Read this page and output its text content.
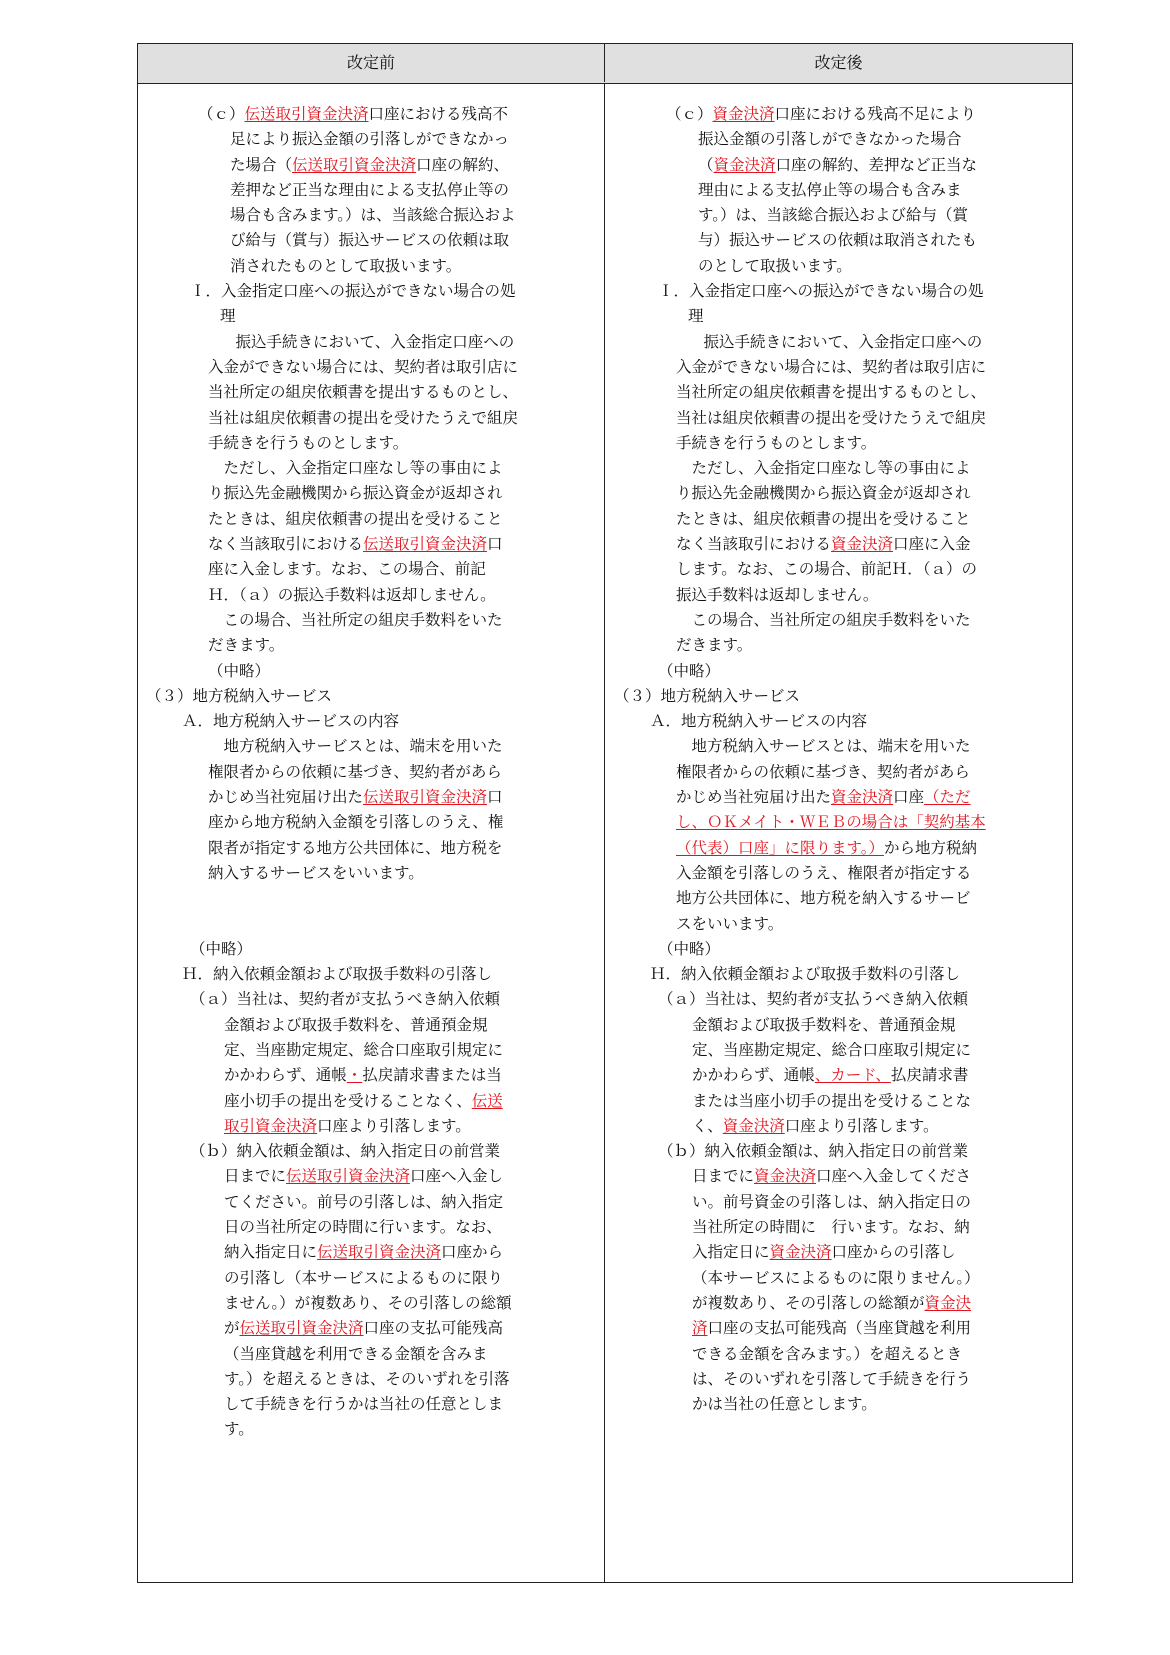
改定前	改定後
（ｃ）伝送取引資金決済口座における残高不
足により振込金額の引落しができなかっ
た場合（伝送取引資金決済口座の解約、
差押など正当な理由による支払停止等の
場合も含みます。）は、当該総合振込およ
び給与（賞与）振込サービスの依頼は取
消されたものとして取扱います。
Ｉ．入金指定口座への振込ができない場合の処
理
　振込手続きにおいて、入金指定口座への
入金ができない場合には、契約者は取引店に
当社所定の組戻依頼書を提出するものとし、
当社は組戻依頼書の提出を受けたうえで組戻
手続きを行うものとします。
　ただし、入金指定口座なし等の事由によ
り振込先金融機関から振込資金が返却され
たときは、組戻依頼書の提出を受けること
なく当該取引における伝送取引資金決済口
座に入金します。なお、この場合、前記
Ｈ．（ａ）の振込手数料は返却しません。
　この場合、当社所定の組戻手数料をいた
だきます。
（中略）
（３）地方税納入サービス
Ａ．地方税納入サービスの内容
　地方税納入サービスとは、端末を用いた
権限者からの依頼に基づき、契約者があら
かじめ当社宛届け出た伝送取引資金決済口
座から地方税納入金額を引落しのうえ、権
限者が指定する地方公共団体に、地方税を
納入するサービスをいいます。
（中略）
Ｈ．納入依頼金額および取扱手数料の引落し
（ａ）当社は、契約者が支払うべき納入依頼
金額および取扱手数料を、普通預金規
定、当座勘定規定、総合口座取引規定に
かかわらず、通帳・払戻請求書または当
座小切手の提出を受けることなく、伝送
取引資金決済口座より引落します。
（ｂ）納入依頼金額は、納入指定日の前営業
日までに伝送取引資金決済口座へ入金し
てください。前号の引落しは、納入指定
日の当社所定の時間に行います。なお、
納入指定日に伝送取引資金決済口座から
の引落し（本サービスによるものに限り
ません。）が複数あり、その引落しの総額
が伝送取引資金決済口座の支払可能残高
（当座貸越を利用できる金額を含みま
す。）を超えるときは、そのいずれを引落
して手続きを行うかは当社の任意としま
す。
（ｃ）資金決済口座における残高不足により
振込金額の引落しができなかった場合
（資金決済口座の解約、差押など正当な
理由による支払停止等の場合も含みま
す。）は、当該総合振込および給与（賞
与）振込サービスの依頼は取消されたも
のとして取扱います。
Ｉ．入金指定口座への振込ができない場合の処
理
　振込手続きにおいて、入金指定口座への
入金ができない場合には、契約者は取引店に
当社所定の組戻依頼書を提出するものとし、
当社は組戻依頼書の提出を受けたうえで組戻
手続きを行うものとします。
　ただし、入金指定口座なし等の事由によ
り振込先金融機関から振込資金が返却され
たときは、組戻依頼書の提出を受けること
なく当該取引における資金決済口座に入金
します。なお、この場合、前記Ｈ．（ａ）の
振込手数料は返却しません。
　この場合、当社所定の組戻手数料をいた
だきます。
（中略）
（３）地方税納入サービス
Ａ．地方税納入サービスの内容
　地方税納入サービスとは、端末を用いた
権限者からの依頼に基づき、契約者があら
かじめ当社宛届け出た資金決済口座（ただ
し、ＯＫメイト・ＷＥＢの場合は「契約基本
（代表）口座」に限ります。）から地方税納
入金額を引落しのうえ、権限者が指定する
地方公共団体に、地方税を納入するサービ
スをいいます。
（中略）
Ｈ．納入依頼金額および取扱手数料の引落し
（ａ）当社は、契約者が支払うべき納入依頼
金額および取扱手数料を、普通預金規
定、当座勘定規定、総合口座取引規定に
かかわらず、通帳、カード、払戻請求書
または当座小切手の提出を受けることな
く、資金決済口座より引落します。
（ｂ）納入依頼金額は、納入指定日の前営業
日までに資金決済口座へ入金してくださ
い。前号資金の引落しは、納入指定日の
当社所定の時間に　行います。なお、納
入指定日に資金決済口座からの引落し
（本サービスによるものに限りません。）
が複数あり、その引落しの総額が資金決
済口座の支払可能残高（当座貸越を利用
できる金額を含みます。）を超えるとき
は、そのいずれを引落して手続きを行う
かは当社の任意とします。
